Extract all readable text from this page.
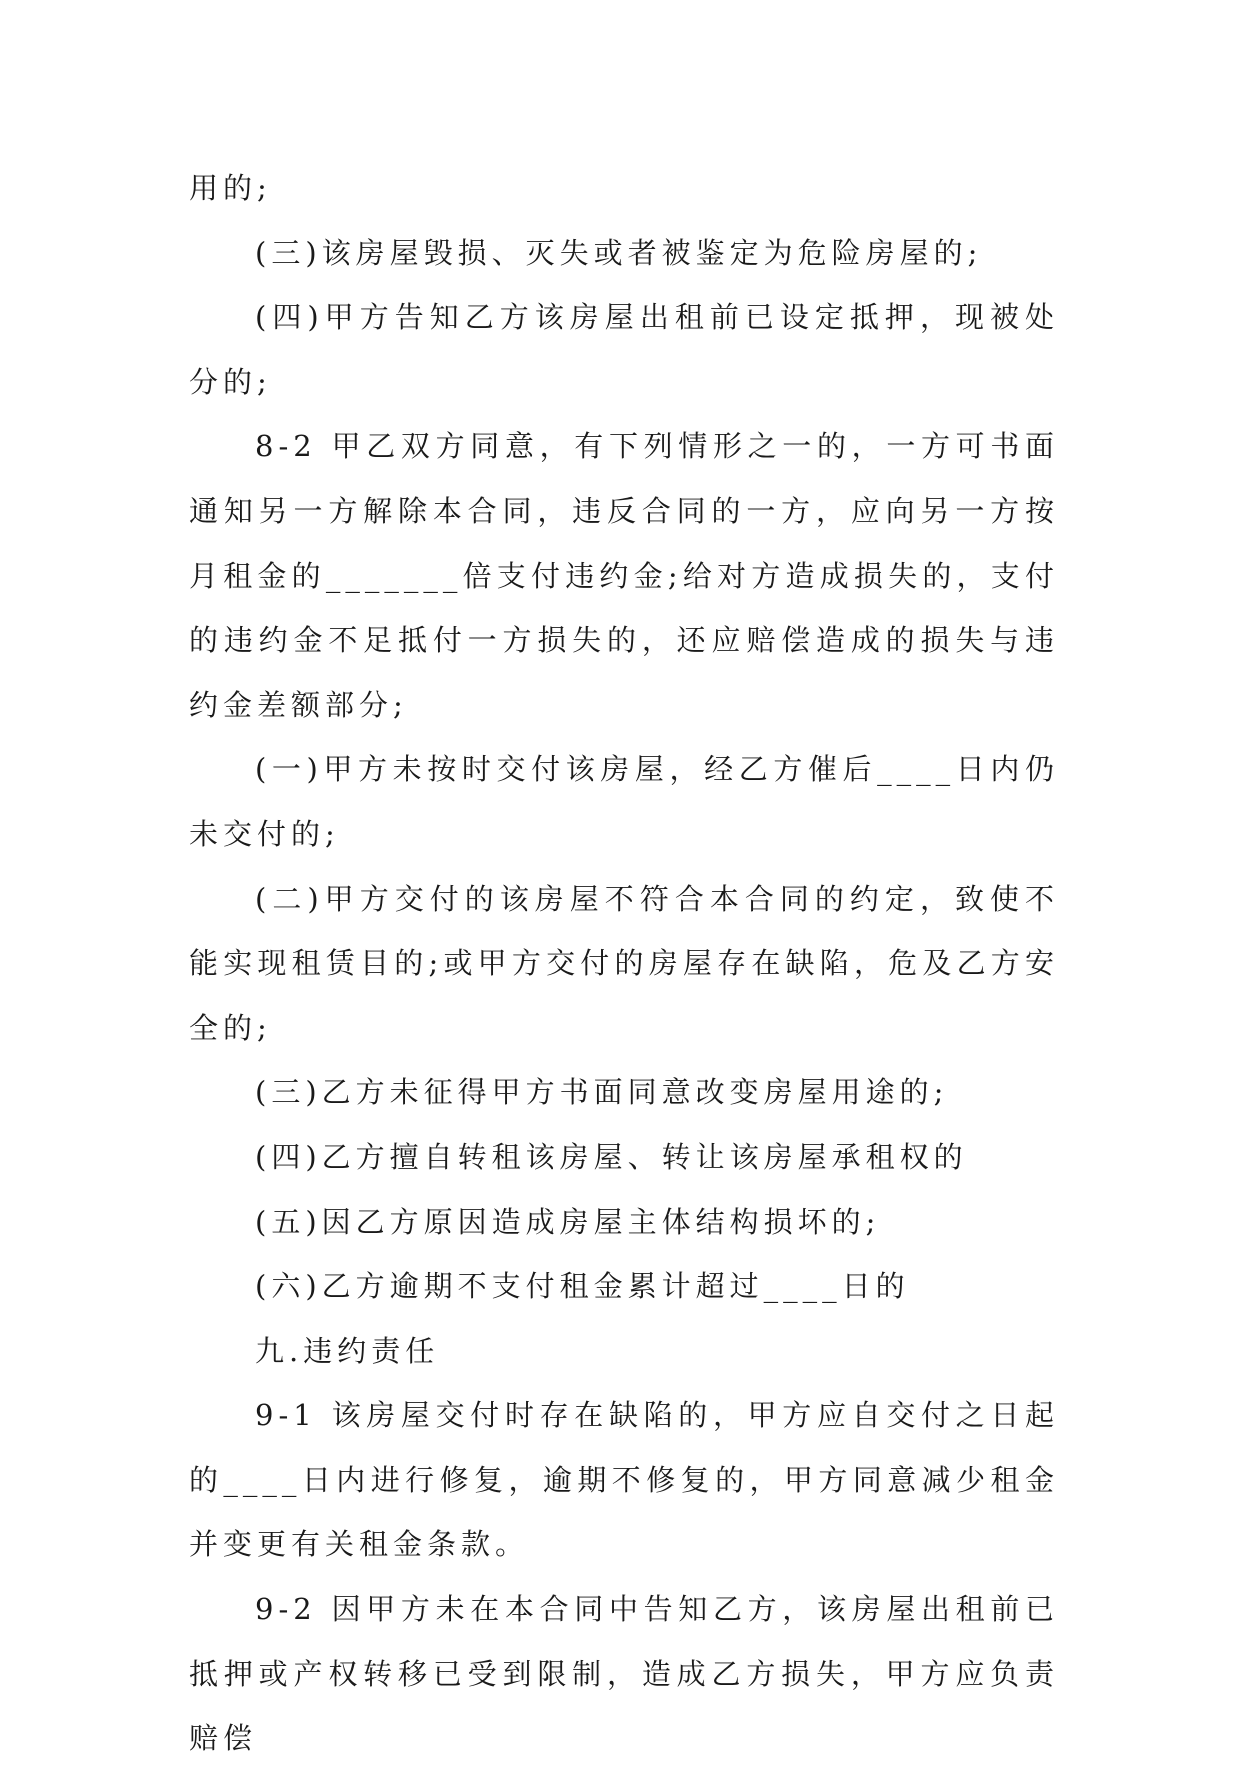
用的;

(三)该房屋毁损、灭失或者被鉴定为危险房屋的;

(四)甲方告知乙方该房屋出租前已设定抵押，现被处分的;

8-2 甲乙双方同意，有下列情形之一的，一方可书面通知另一方解除本合同，违反合同的一方，应向另一方按月租金的_______倍支付违约金;给对方造成损失的，支付的违约金不足抵付一方损失的，还应赔偿造成的损失与违约金差额部分;

(一)甲方未按时交付该房屋，经乙方催后____日内仍未交付的;

(二)甲方交付的该房屋不符合本合同的约定，致使不能实现租赁目的;或甲方交付的房屋存在缺陷，危及乙方安全的;

(三)乙方未征得甲方书面同意改变房屋用途的;

(四)乙方擅自转租该房屋、转让该房屋承租权的

(五)因乙方原因造成房屋主体结构损坏的;

(六)乙方逾期不支付租金累计超过____日的

九.违约责任

9-1 该房屋交付时存在缺陷的，甲方应自交付之日起的____日内进行修复，逾期不修复的，甲方同意减少租金并变更有关租金条款。

9-2 因甲方未在本合同中告知乙方，该房屋出租前已抵押或产权转移已受到限制，造成乙方损失，甲方应负责赔偿
